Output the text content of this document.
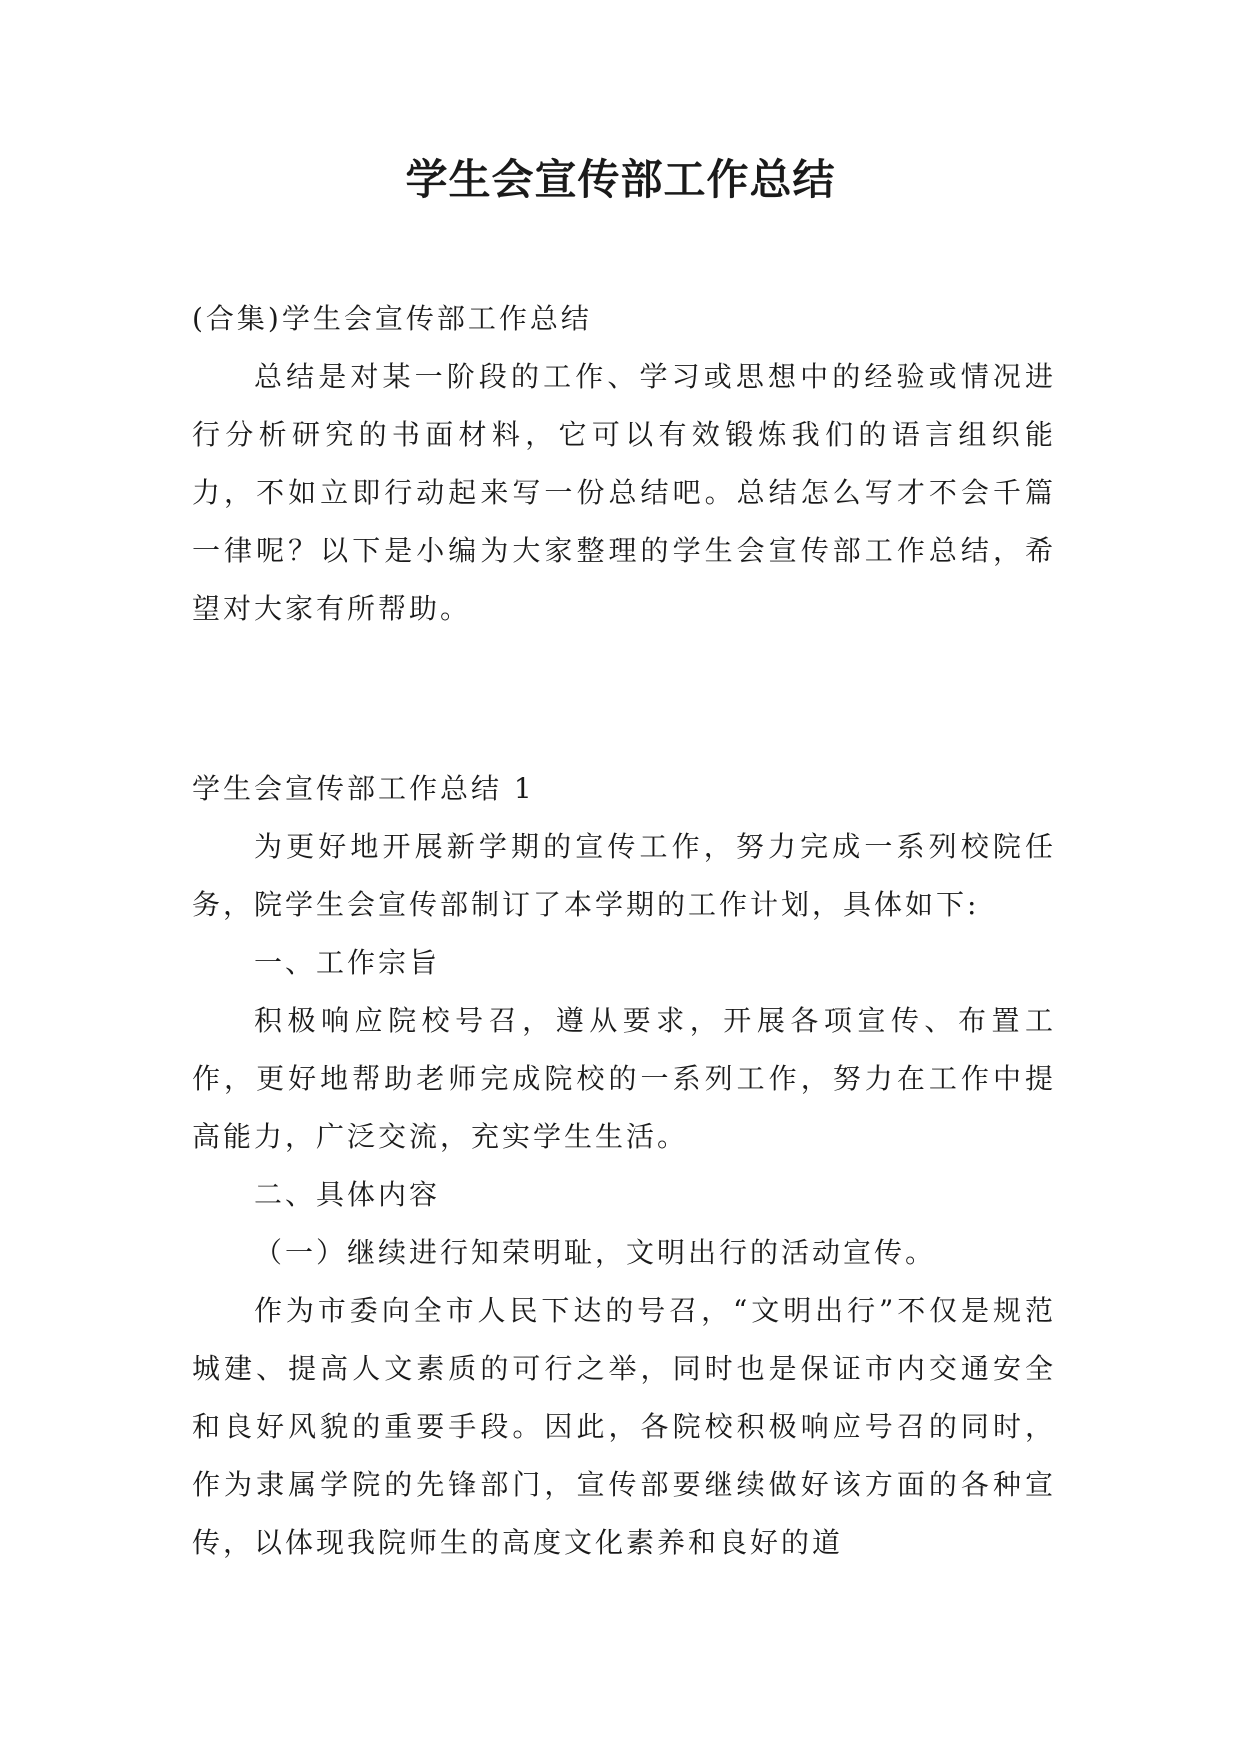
学生会宣传部工作总结

(合集)学生会宣传部工作总结

总结是对某一阶段的工作、学习或思想中的经验或情况进行分析研究的书面材料，它可以有效锻炼我们的语言组织能力，不如立即行动起来写一份总结吧。总结怎么写才不会千篇一律呢？以下是小编为大家整理的学生会宣传部工作总结，希望对大家有所帮助。

学生会宣传部工作总结 1

为更好地开展新学期的宣传工作，努力完成一系列校院任务，院学生会宣传部制订了本学期的工作计划，具体如下:

一、工作宗旨

积极响应院校号召，遵从要求，开展各项宣传、布置工作，更好地帮助老师完成院校的一系列工作，努力在工作中提高能力，广泛交流，充实学生生活。

二、具体内容

（一）继续进行知荣明耻，文明出行的活动宣传。

作为市委向全市人民下达的号召，“文明出行”不仅是规范城建、提高人文素质的可行之举，同时也是保证市内交通安全和良好风貌的重要手段。因此，各院校积极响应号召的同时，作为隶属学院的先锋部门，宣传部要继续做好该方面的各种宣传，以体现我院师生的高度文化素养和良好的道
